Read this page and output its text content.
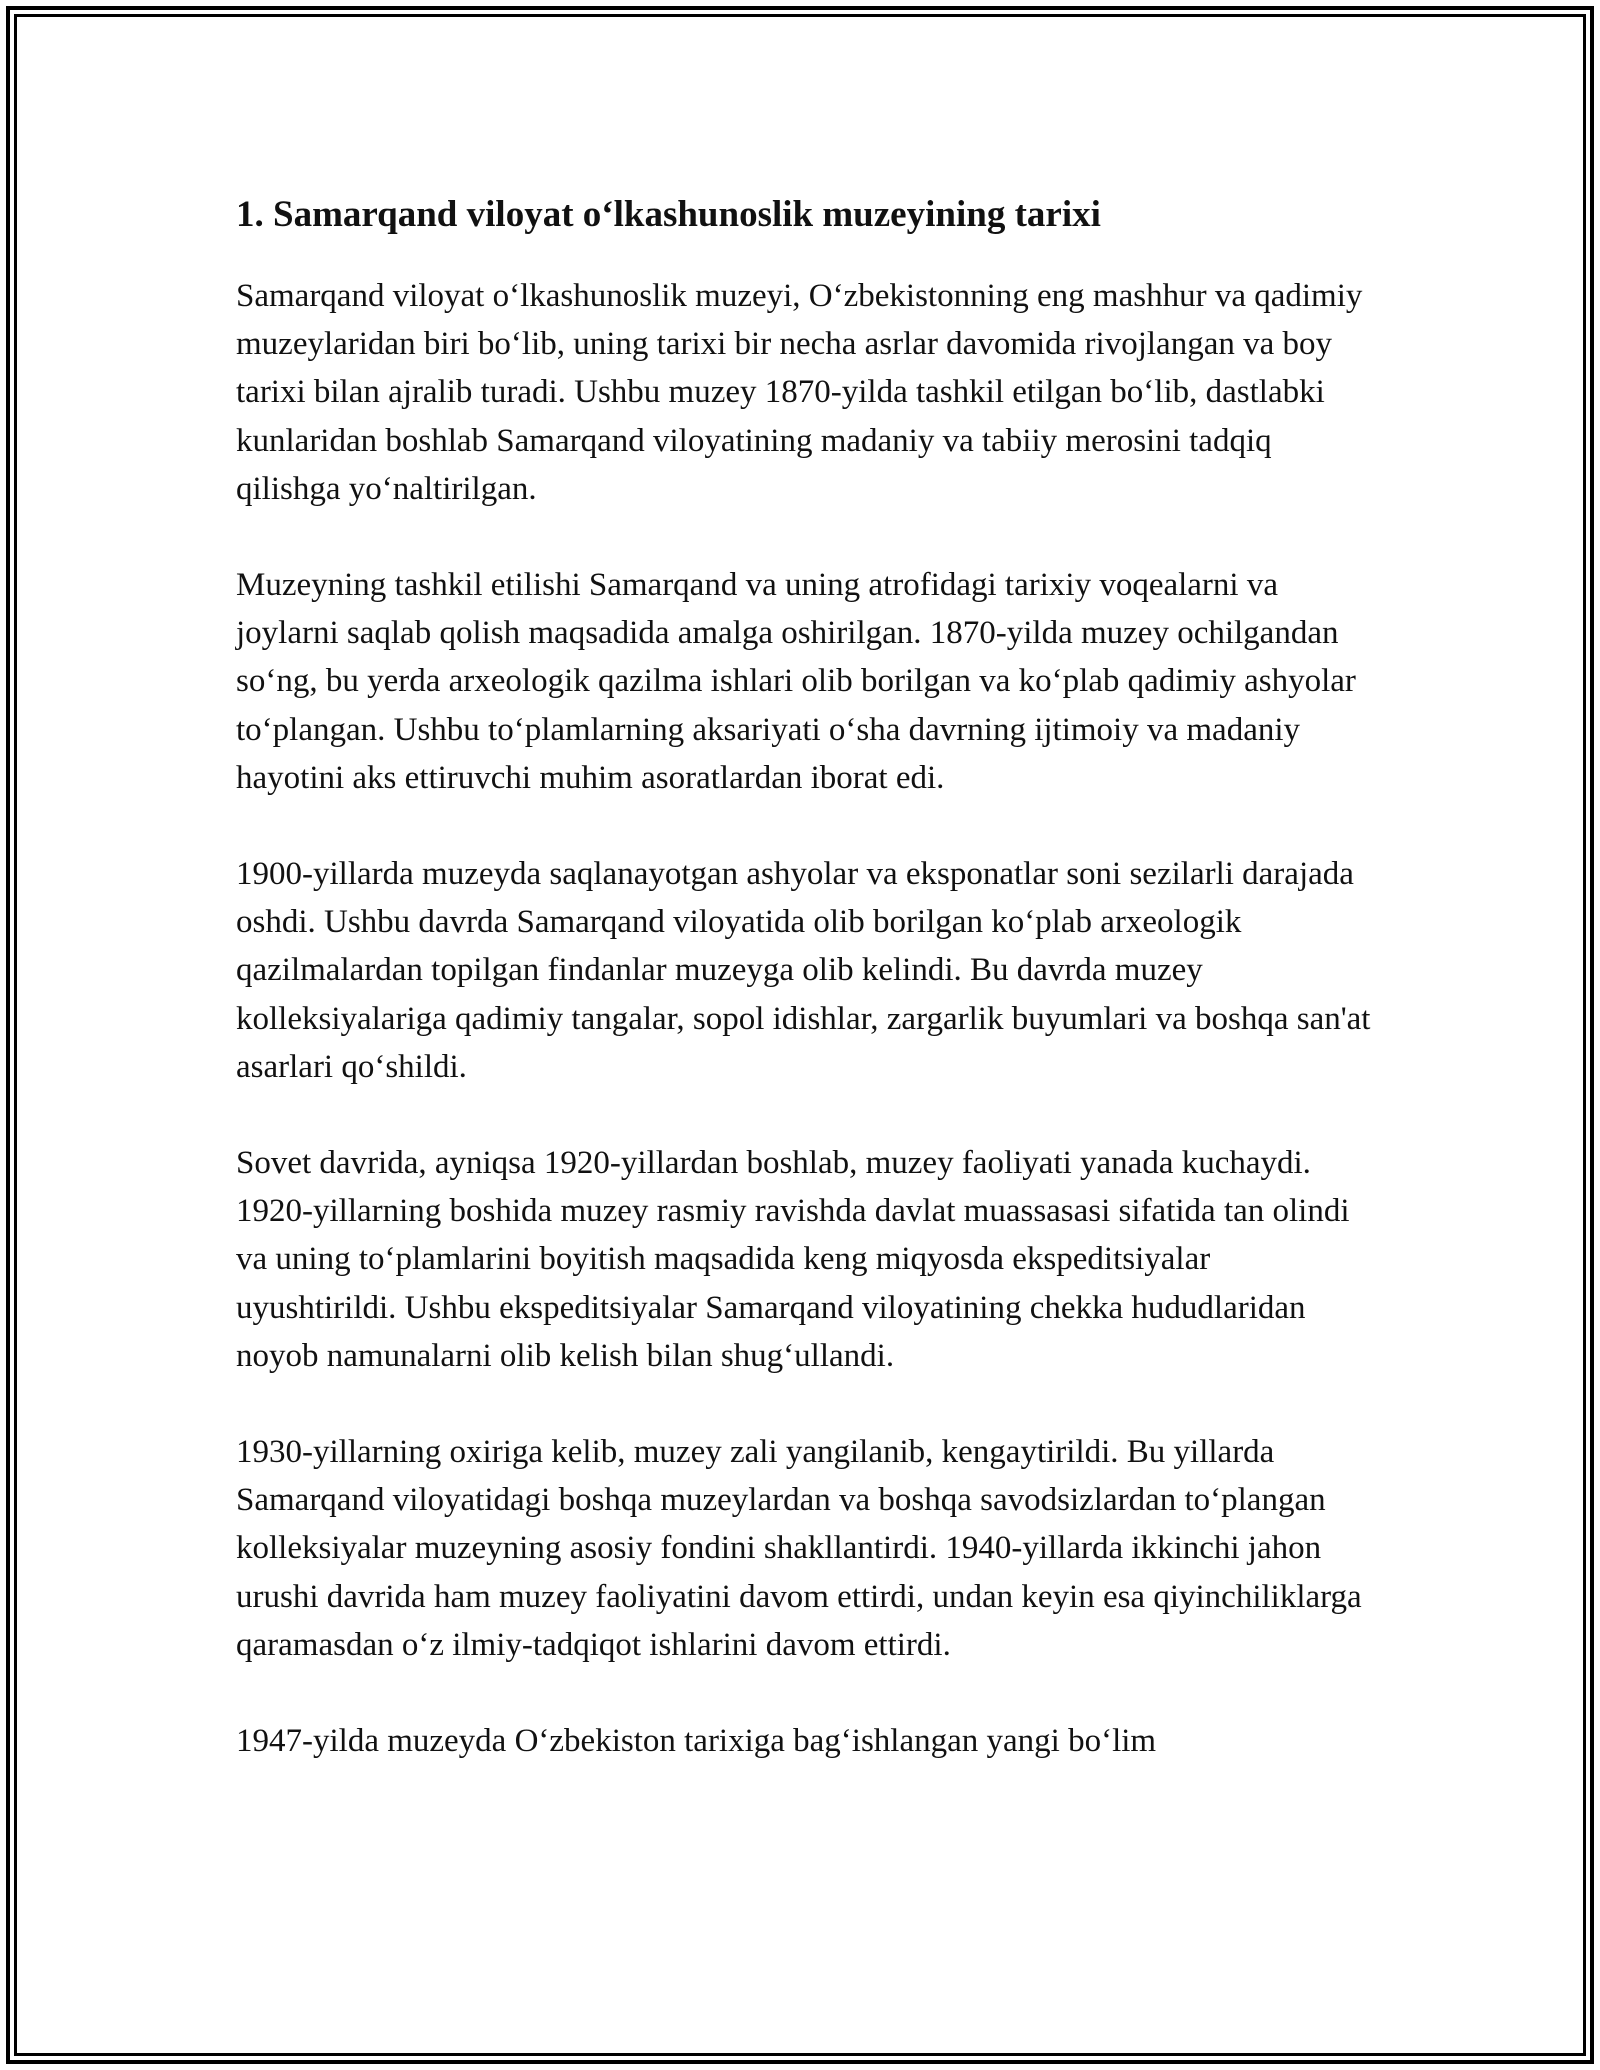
1. Samarqand viloyat o‘lkashunoslik muzeyining tarixi

Samarqand viloyat o‘lkashunoslik muzeyi, O‘zbekistonning eng mashhur va qadimiy muzeylaridan biri bo‘lib, uning tarixi bir necha asrlar davomida rivojlangan va boy tarixi bilan ajralib turadi. Ushbu muzey 1870-yilda tashkil etilgan bo‘lib, dastlabki kunlaridan boshlab Samarqand viloyatining madaniy va tabiiy merosini tadqiq qilishga yo‘naltirilgan.

Muzeyning tashkil etilishi Samarqand va uning atrofidagi tarixiy voqealarni va joylarni saqlab qolish maqsadida amalga oshirilgan. 1870-yilda muzey ochilgandan so‘ng, bu yerda arxeologik qazilma ishlari olib borilgan va ko‘plab qadimiy ashyolar to‘plangan. Ushbu to‘plamlarning aksariyati o‘sha davrning ijtimoiy va madaniy hayotini aks ettiruvchi muhim asoratlardan iborat edi.

1900-yillarda muzeyda saqlanayotgan ashyolar va eksponatlar soni sezilarli darajada oshdi. Ushbu davrda Samarqand viloyatida olib borilgan ko‘plab arxeologik qazilmalardan topilgan findanlar muzeyga olib kelindi. Bu davrda muzey kolleksiyalariga qadimiy tangalar, sopol idishlar, zargarlik buyumlari va boshqa san'at asarlari qo‘shildi.

Sovet davrida, ayniqsa 1920-yillardan boshlab, muzey faoliyati yanada kuchaydi. 1920-yillarning boshida muzey rasmiy ravishda davlat muassasasi sifatida tan olindi va uning to‘plamlarini boyitish maqsadida keng miqyosda ekspeditsiyalar uyushtirildi. Ushbu ekspeditsiyalar Samarqand viloyatining chekka hududlaridan noyob namunalarni olib kelish bilan shug‘ullandi.

1930-yillarning oxiriga kelib, muzey zali yangilanib, kengaytirildi. Bu yillarda Samarqand viloyatidagi boshqa muzeylardan va boshqa savodsizlardan to‘plangan kolleksiyalar muzeyning asosiy fondini shakllantirdi. 1940-yillarda ikkinchi jahon urushi davrida ham muzey faoliyatini davom ettirdi, undan keyin esa qiyinchiliklarga qaramasdan o‘z ilmiy-tadqiqot ishlarini davom ettirdi.

1947-yilda muzeyda O‘zbekiston tarixiga bag‘ishlangan yangi bo‘lim
